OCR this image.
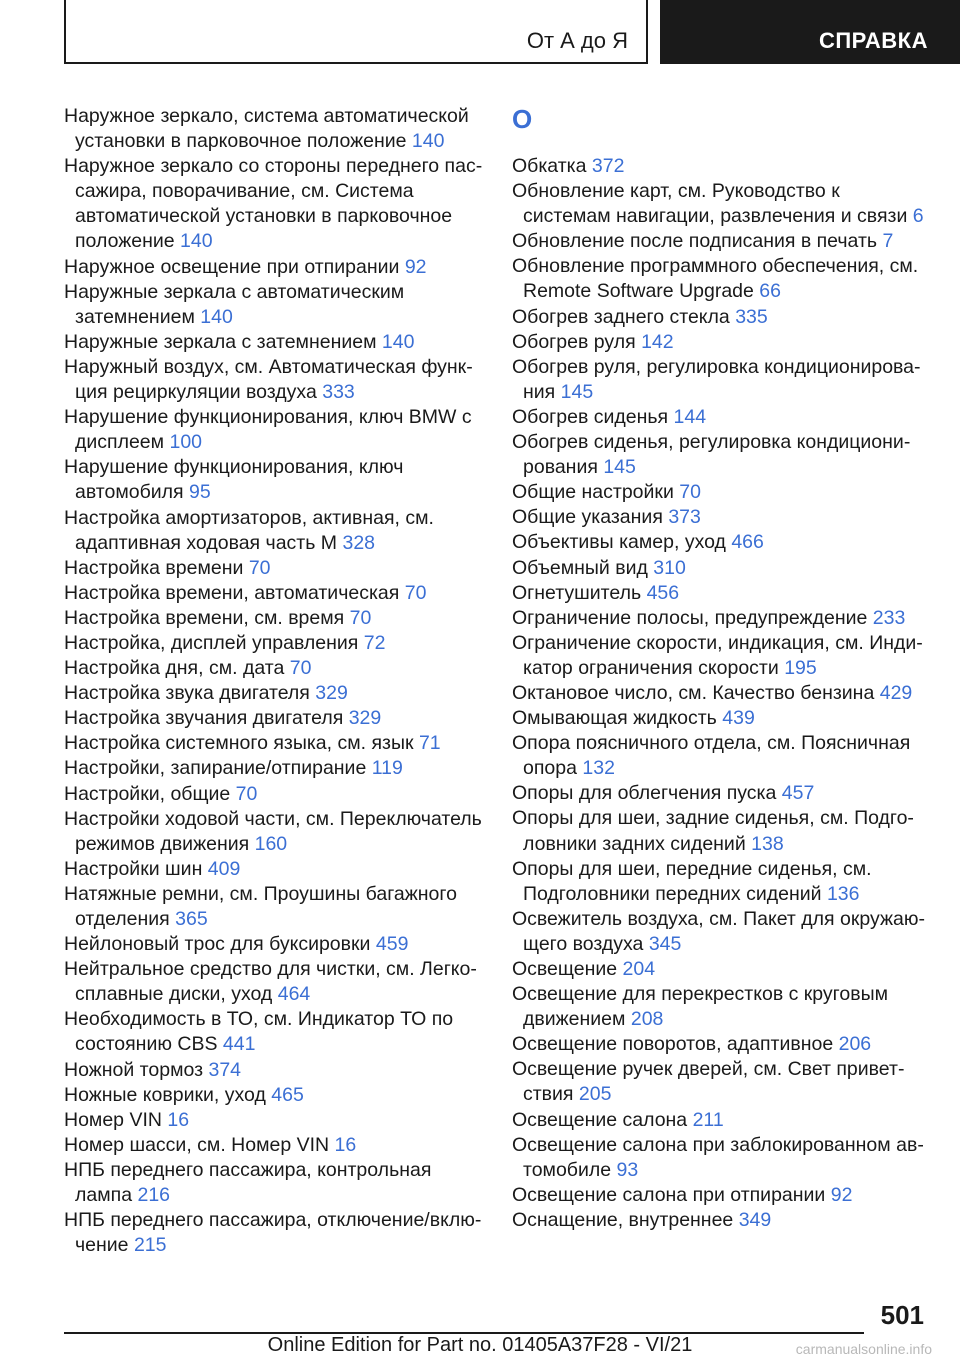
От А до Я	СПРАВКА

Наружное зеркало, система автоматической установки в парковочное положение 140

Наружное зеркало со стороны переднего пассажира, поворачивание, см. Система автоматической установки в парковочное положение 140

Наружное освещение при отпирании 92

Наружные зеркала с автоматическим затемнением 140

Наружные зеркала с затемнением 140

Наружный воздух, см. Автоматическая функция рециркуляции воздуха 333

Нарушение функционирования, ключ BMW с дисплеем 100

Нарушение функционирования, ключ автомобиля 95

Настройка амортизаторов, активная, см. адаптивная ходовая часть M 328

Настройка времени 70

Настройка времени, автоматическая 70

Настройка времени, см. время 70

Настройка, дисплей управления 72

Настройка дня, см. дата 70

Настройка звука двигателя 329

Настройка звучания двигателя 329

Настройка системного языка, см. язык 71

Настройки, запирание/отпирание 119

Настройки, общие 70

Настройки ходовой части, см. Переключатель режимов движения 160

Настройки шин 409

Натяжные ремни, см. Проушины багажного отделения 365

Нейлоновый трос для буксировки 459

Нейтральное средство для чистки, см. Легкосплавные диски, уход 464

Необходимость в ТО, см. Индикатор ТО по состоянию CBS 441

Ножной тормоз 374

Ножные коврики, уход 465

Номер VIN 16

Номер шасси, см. Номер VIN 16

НПБ переднего пассажира, контрольная лампа 216

НПБ переднего пассажира, отключение/включение 215

O

Обкатка 372

Обновление карт, см. Руководство к системам навигации, развлечения и связи 6

Обновление после подписания в печать 7

Обновление программного обеспечения, см. Remote Software Upgrade 66

Обогрев заднего стекла 335

Обогрев руля 142

Обогрев руля, регулировка кондиционирования 145

Обогрев сиденья 144

Обогрев сиденья, регулировка кондиционирования 145

Общие настройки 70

Общие указания 373

Объективы камер, уход 466

Объемный вид 310

Огнетушитель 456

Ограничение полосы, предупреждение 233

Ограничение скорости, индикация, см. Индикатор ограничения скорости 195

Октановое число, см. Качество бензина 429

Омывающая жидкость 439

Опора поясничного отдела, см. Поясничная опора 132

Опоры для облегчения пуска 457

Опоры для шеи, задние сиденья, см. Подголовники задних сидений 138

Опоры для шеи, передние сиденья, см. Подголовники передних сидений 136

Освежитель воздуха, см. Пакет для окружающего воздуха 345

Освещение 204

Освещение для перекрестков с круговым движением 208

Освещение поворотов, адаптивное 206

Освещение ручек дверей, см. Свет приветствия 205

Освещение салона 211

Освещение салона при заблокированном автомобиле 93

Освещение салона при отпирании 92

Оснащение, внутреннее 349

501
Online Edition for Part no. 01405A37F28 - VI/21	carmanualsonline.info
